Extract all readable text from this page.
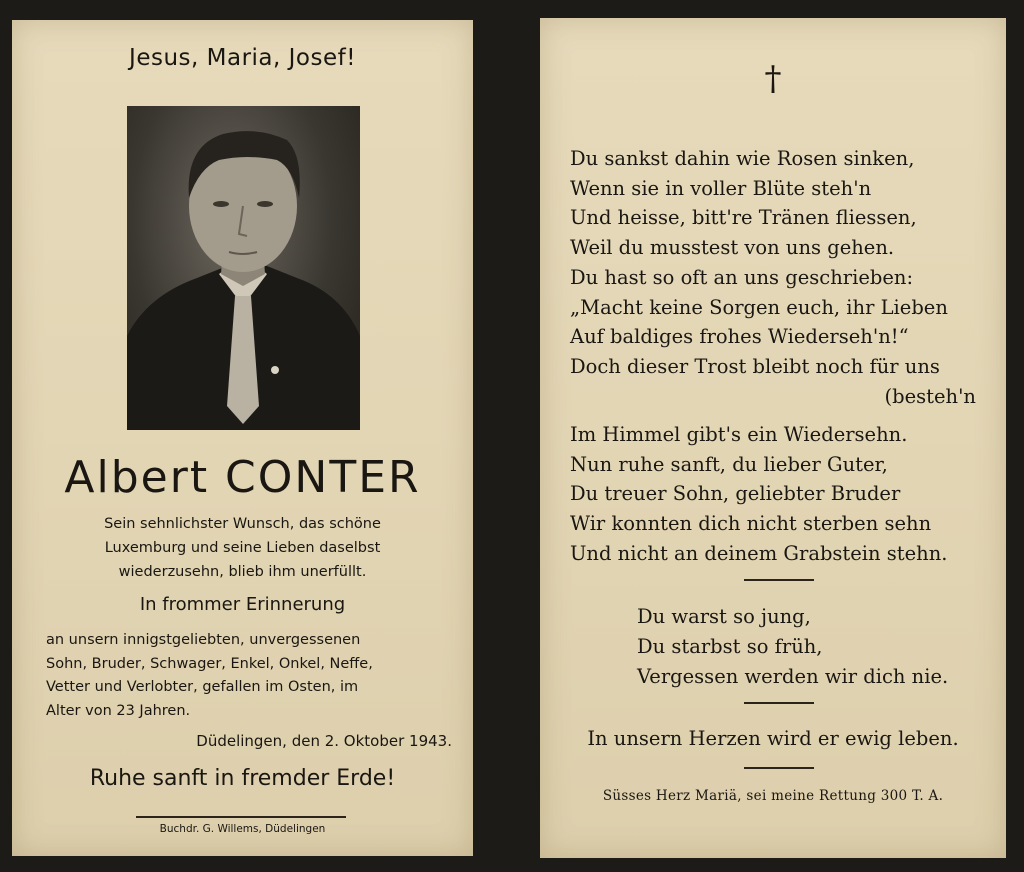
Jesus, Maria, Josef!
Albert CONTER
Sein sehnlichster Wunsch, das schöne
Luxemburg und seine Lieben daselbst
wiederzusehn, blieb ihm unerfüllt.
In frommer Erinnerung
an unsern innigstgeliebten, unvergessenen
Sohn, Bruder, Schwager, Enkel, Onkel, Neffe,
Vetter und Verlobter, gefallen im Osten, im
Alter von 23 Jahren.
Düdelingen, den 2. Oktober 1943.
Ruhe sanft in fremder Erde!
Buchdr. G. Willems, Düdelingen
†
Du sankst dahin wie Rosen sinken,
Wenn sie in voller Blüte steh'n
Und heisse, bitt're Tränen fliessen,
Weil du musstest von uns gehen.
Du hast so oft an uns geschrieben:
„Macht keine Sorgen euch, ihr Lieben
Auf baldiges frohes Wiederseh'n!“
Doch dieser Trost bleibt noch für uns
(besteh'n
Im Himmel gibt's ein Wiedersehn.
Nun ruhe sanft, du lieber Guter,
Du treuer Sohn, geliebter Bruder
Wir konnten dich nicht sterben sehn
Und nicht an deinem Grabstein stehn.
Du warst so jung,
Du starbst so früh,
Vergessen werden wir dich nie.
In unsern Herzen wird er ewig leben.
Süsses Herz Mariä, sei meine Rettung 300 T. A.
